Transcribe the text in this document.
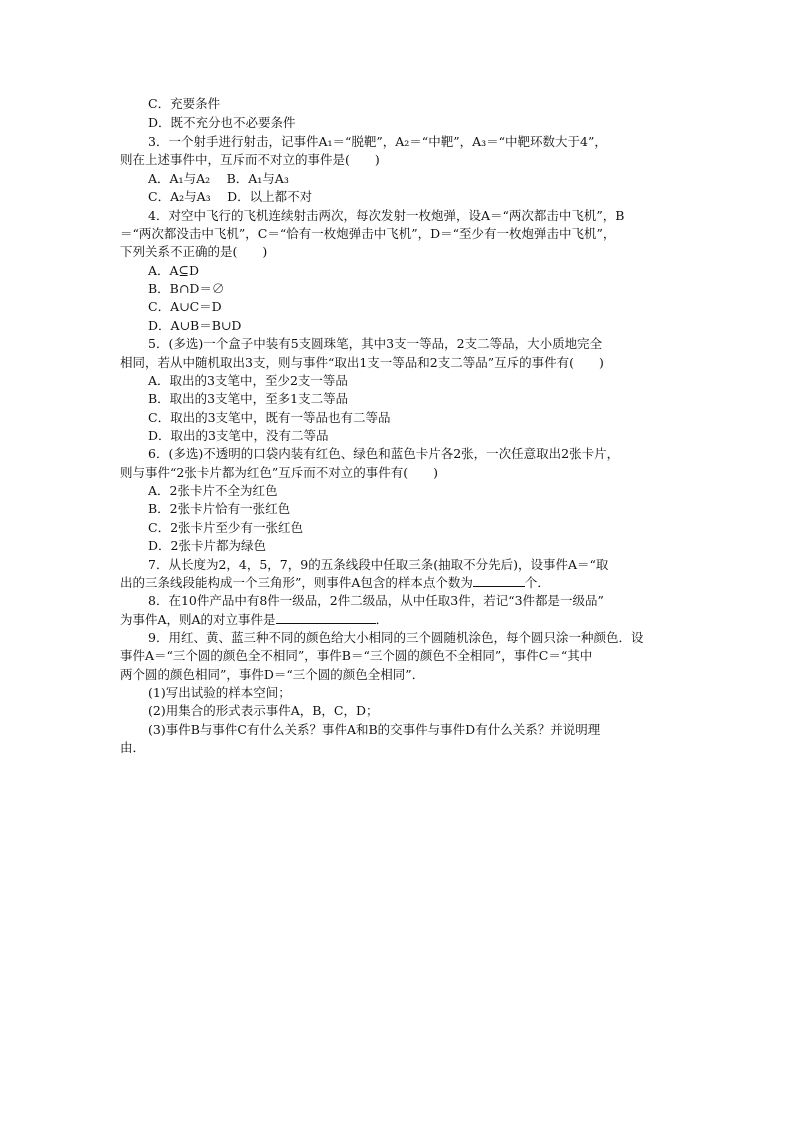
C．充要条件
D．既不充分也不必要条件
3．一个射手进行射击，记事件A₁＝“脱靶”，A₂＝“中靶”，A₃＝“中靶环数大于4”，
则在上述事件中，互斥而不对立的事件是(　　)
A．A₁与A₂　 B．A₁与A₃
C．A₂与A₃　 D．以上都不对
4．对空中飞行的飞机连续射击两次，每次发射一枚炮弹，设A＝“两次都击中飞机”，B
＝“两次都没击中飞机”，C＝“恰有一枚炮弹击中飞机”，D＝“至少有一枚炮弹击中飞机”，
下列关系不正确的是(　　)
A．A⊆D
B．B∩D＝∅
C．A∪C＝D
D．A∪B＝B∪D
5．(多选)一个盒子中装有5支圆珠笔，其中3支一等品，2支二等品，大小质地完全
相同，若从中随机取出3支，则与事件“取出1支一等品和2支二等品”互斥的事件有(　　)
A．取出的3支笔中，至少2支一等品
B．取出的3支笔中，至多1支二等品
C．取出的3支笔中，既有一等品也有二等品
D．取出的3支笔中，没有二等品
6．(多选)不透明的口袋内装有红色、绿色和蓝色卡片各2张，一次任意取出2张卡片，
则与事件“2张卡片都为红色”互斥而不对立的事件有(　　)
A．2张卡片不全为红色
B．2张卡片恰有一张红色
C．2张卡片至少有一张红色
D．2张卡片都为绿色
7．从长度为2，4，5，7，9的五条线段中任取三条(抽取不分先后)，设事件A＝“取
出的三条线段能构成一个三角形”，则事件A包含的样本点个数为	个．
8．在10件产品中有8件一级品，2件二级品，从中任取3件，若记“3件都是一级品”
为事件A，则A的对立事件是	．
9．用红、黄、蓝三种不同的颜色给大小相同的三个圆随机涂色，每个圆只涂一种颜色．设
事件A＝“三个圆的颜色全不相同”，事件B＝“三个圆的颜色不全相同”，事件C＝“其中
两个圆的颜色相同”，事件D＝“三个圆的颜色全相同”．
(1)写出试验的样本空间；
(2)用集合的形式表示事件A，B，C，D；
(3)事件B与事件C有什么关系？事件A和B的交事件与事件D有什么关系？并说明理
由．
